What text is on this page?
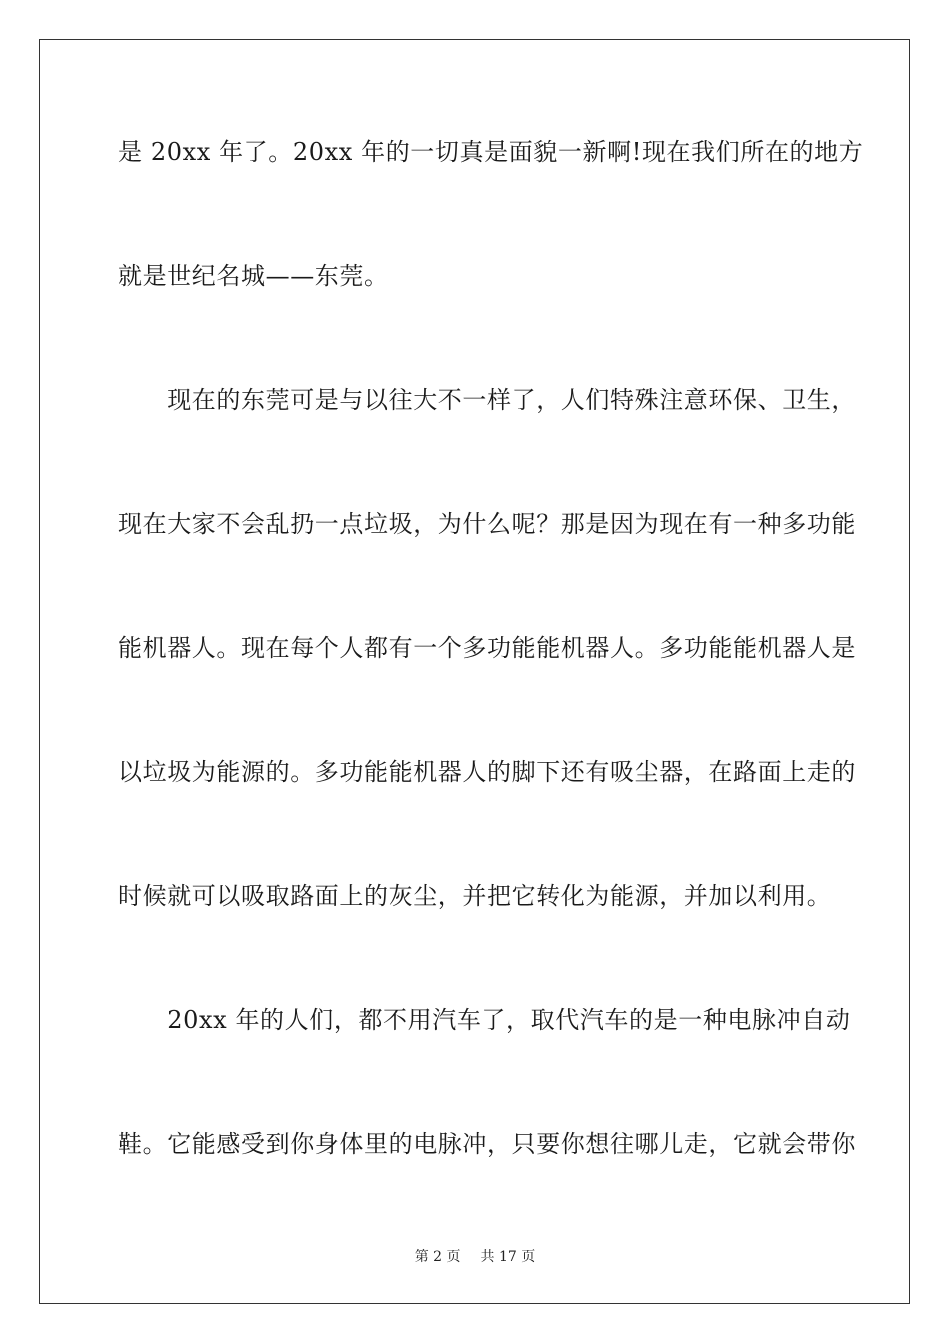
是 20xx 年了。20xx 年的一切真是面貌一新啊!现在我们所在的地方
就是世纪名城——东莞。
　　现在的东莞可是与以往大不一样了，人们特殊注意环保、卫生，
现在大家不会乱扔一点垃圾，为什么呢？那是因为现在有一种多功能
能机器人。现在每个人都有一个多功能能机器人。多功能能机器人是
以垃圾为能源的。多功能能机器人的脚下还有吸尘器，在路面上走的
时候就可以吸取路面上的灰尘，并把它转化为能源，并加以利用。
　　20xx 年的人们，都不用汽车了，取代汽车的是一种电脉冲自动
鞋。它能感受到你身体里的电脉冲，只要你想往哪儿走，它就会带你
第 2 页 共 17 页
